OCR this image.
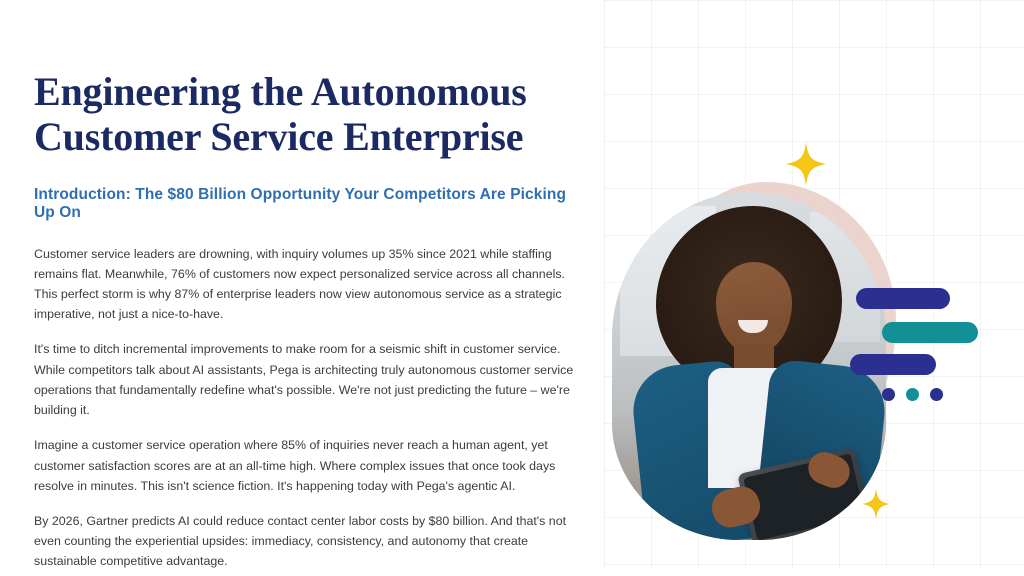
Engineering the Autonomous Customer Service Enterprise
Introduction: The $80 Billion Opportunity Your Competitors Are Picking Up On

Customer service leaders are drowning, with inquiry volumes up 35% since 2021 while staffing remains flat. Meanwhile, 76% of customers now expect personalized service across all channels. This perfect storm is why 87% of enterprise leaders now view autonomous service as a strategic imperative, not just a nice-to-have.

It's time to ditch incremental improvements to make room for a seismic shift in customer service. While competitors talk about AI assistants, Pega is architecting truly autonomous customer service operations that fundamentally redefine what's possible. We're not just predicting the future – we're building it.

Imagine a customer service operation where 85% of inquiries never reach a human agent, yet customer satisfaction scores are at an all-time high. Where complex issues that once took days resolve in minutes. This isn't science fiction. It's happening today with Pega's agentic AI.

By 2026, Gartner predicts AI could reduce contact center labor costs by $80 billion. And that's not even counting the experiential upsides: immediacy, consistency, and autonomy that create sustainable competitive advantage.
